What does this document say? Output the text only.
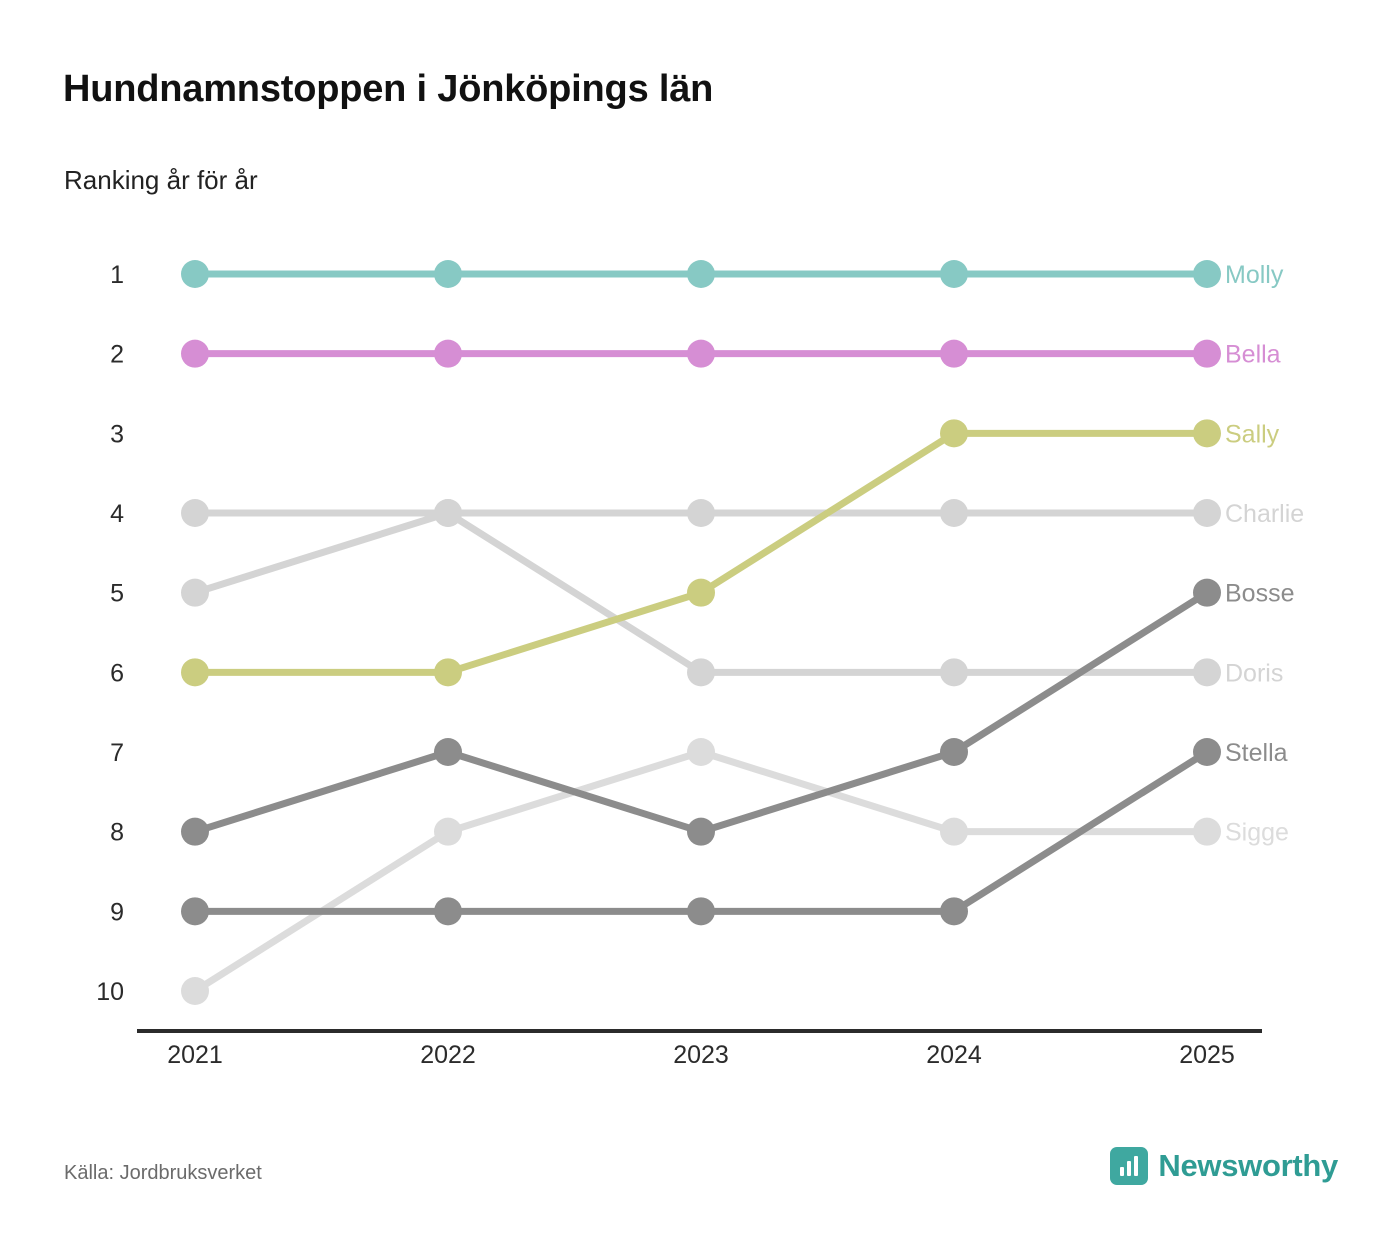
Hundnamnstoppen i Jönköpings län
Ranking år för år
1
2
3
4
5
6
7
8
9
10
2021	2022	2023	2024	2025
Doris
Sigge
Charlie
Stella
Bosse
Sally
Bella
Molly
Källa: Jordbruksverket	Newsworthy
